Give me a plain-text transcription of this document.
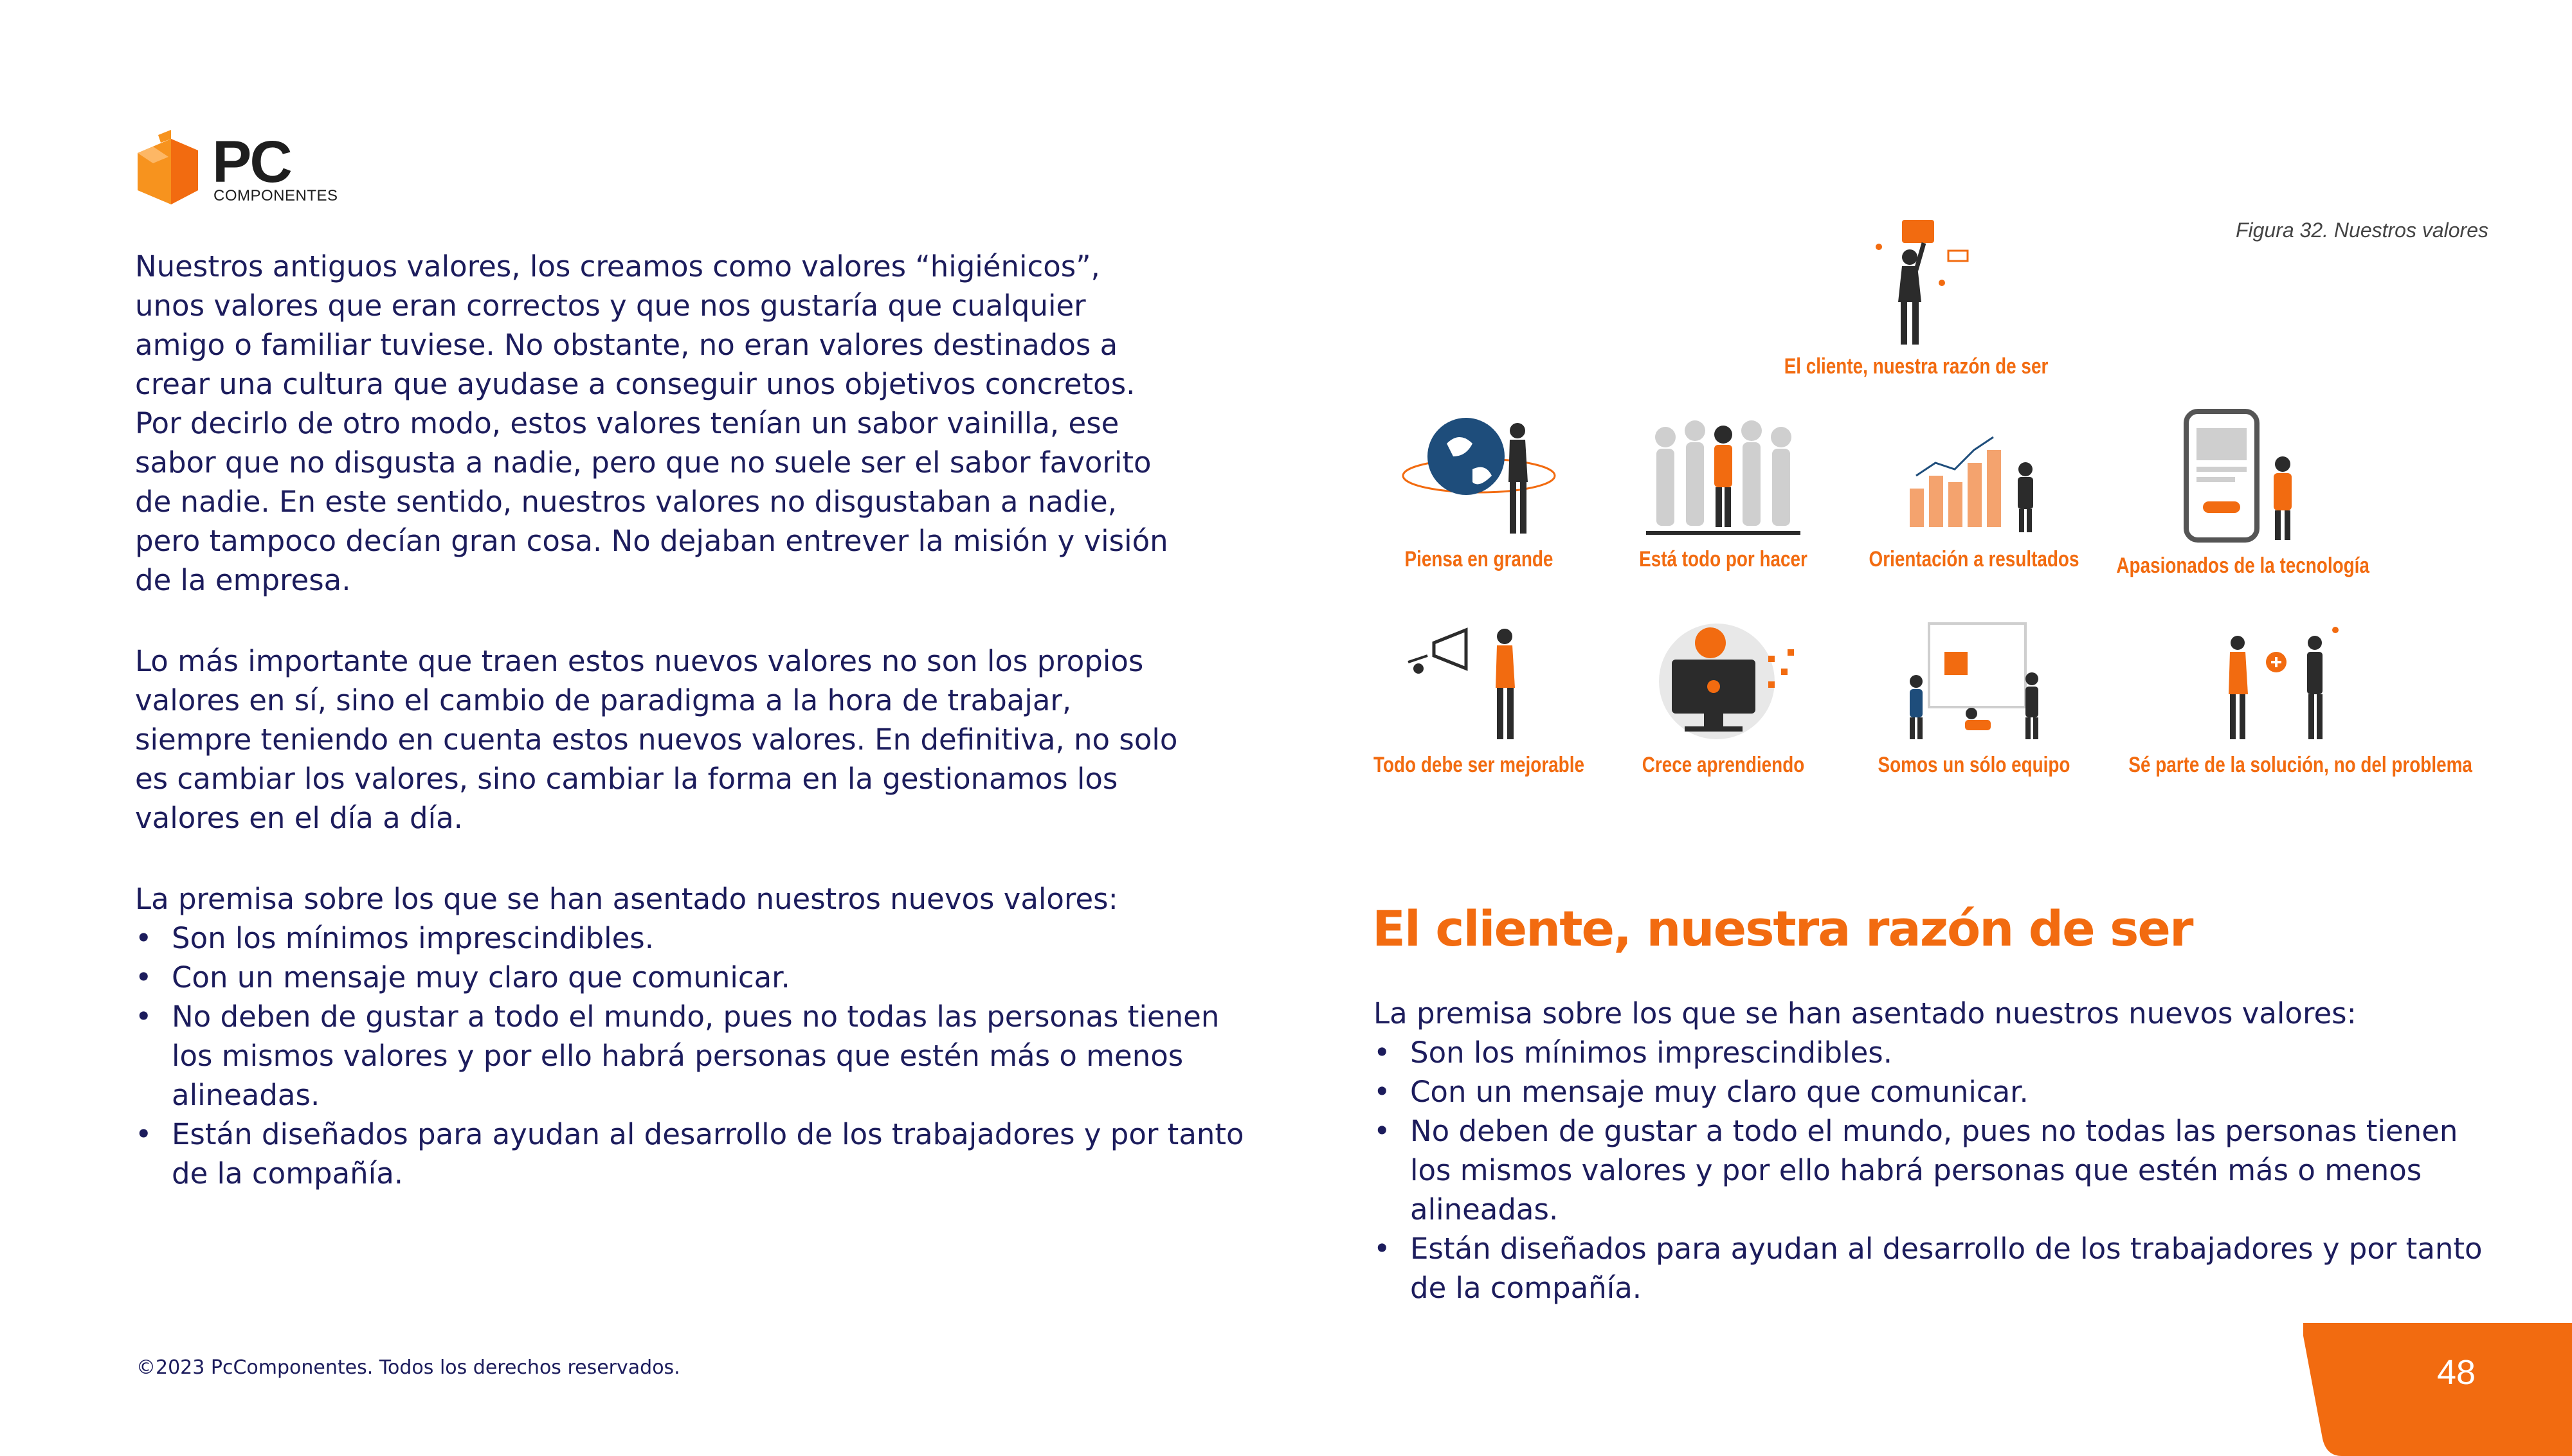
PC
COMPONENTES

Nuestros antiguos valores, los creamos como valores “higiénicos”,
unos valores que eran correctos y que nos gustaría que cualquier
amigo o familiar tuviese. No obstante, no eran valores destinados a
crear una cultura que ayudase a conseguir unos objetivos concretos.
Por decirlo de otro modo, estos valores tenían un sabor vainilla, ese
sabor que no disgusta a nadie, pero que no suele ser el sabor favorito
de nadie. En este sentido, nuestros valores no disgustaban a nadie,
pero tampoco decían gran cosa. No dejaban entrever la misión y visión
de la empresa.

Lo más importante que traen estos nuevos valores no son los propios
valores en sí, sino el cambio de paradigma a la hora de trabajar,
siempre teniendo en cuenta estos nuevos valores. En definitiva, no solo
es cambiar los valores, sino cambiar la forma en la gestionamos los
valores en el día a día.

La premisa sobre los que se han asentado nuestros nuevos valores:

• Son los mínimos imprescindibles.
• Con un mensaje muy claro que comunicar.
• No deben de gustar a todo el mundo, pues no todas las personas tienen los mismos valores y por ello habrá personas que estén más o menos alineadas.
• Están diseñados para ayudan al desarrollo de los trabajadores y por tanto de la compañía.
Figura 32. Nuestros valores
El cliente, nuestra razón de ser
Piensa en grande	Está todo por hacer	Orientación a resultados Apasionados de la tecnología
Todo debe ser mejorable	Crece aprendiendo	Somos un sólo equipo	Sé parte de la solución, no del problema
El cliente, nuestra razón de ser

La premisa sobre los que se han asentado nuestros nuevos valores:

• Son los mínimos imprescindibles.
• Con un mensaje muy claro que comunicar.
• No deben de gustar a todo el mundo, pues no todas las personas tienen los mismos valores y por ello habrá personas que estén más o menos alineadas.
• Están diseñados para ayudan al desarrollo de los trabajadores y por tanto de la compañía.
©2023 PcComponentes. Todos los derechos reservados.	48
